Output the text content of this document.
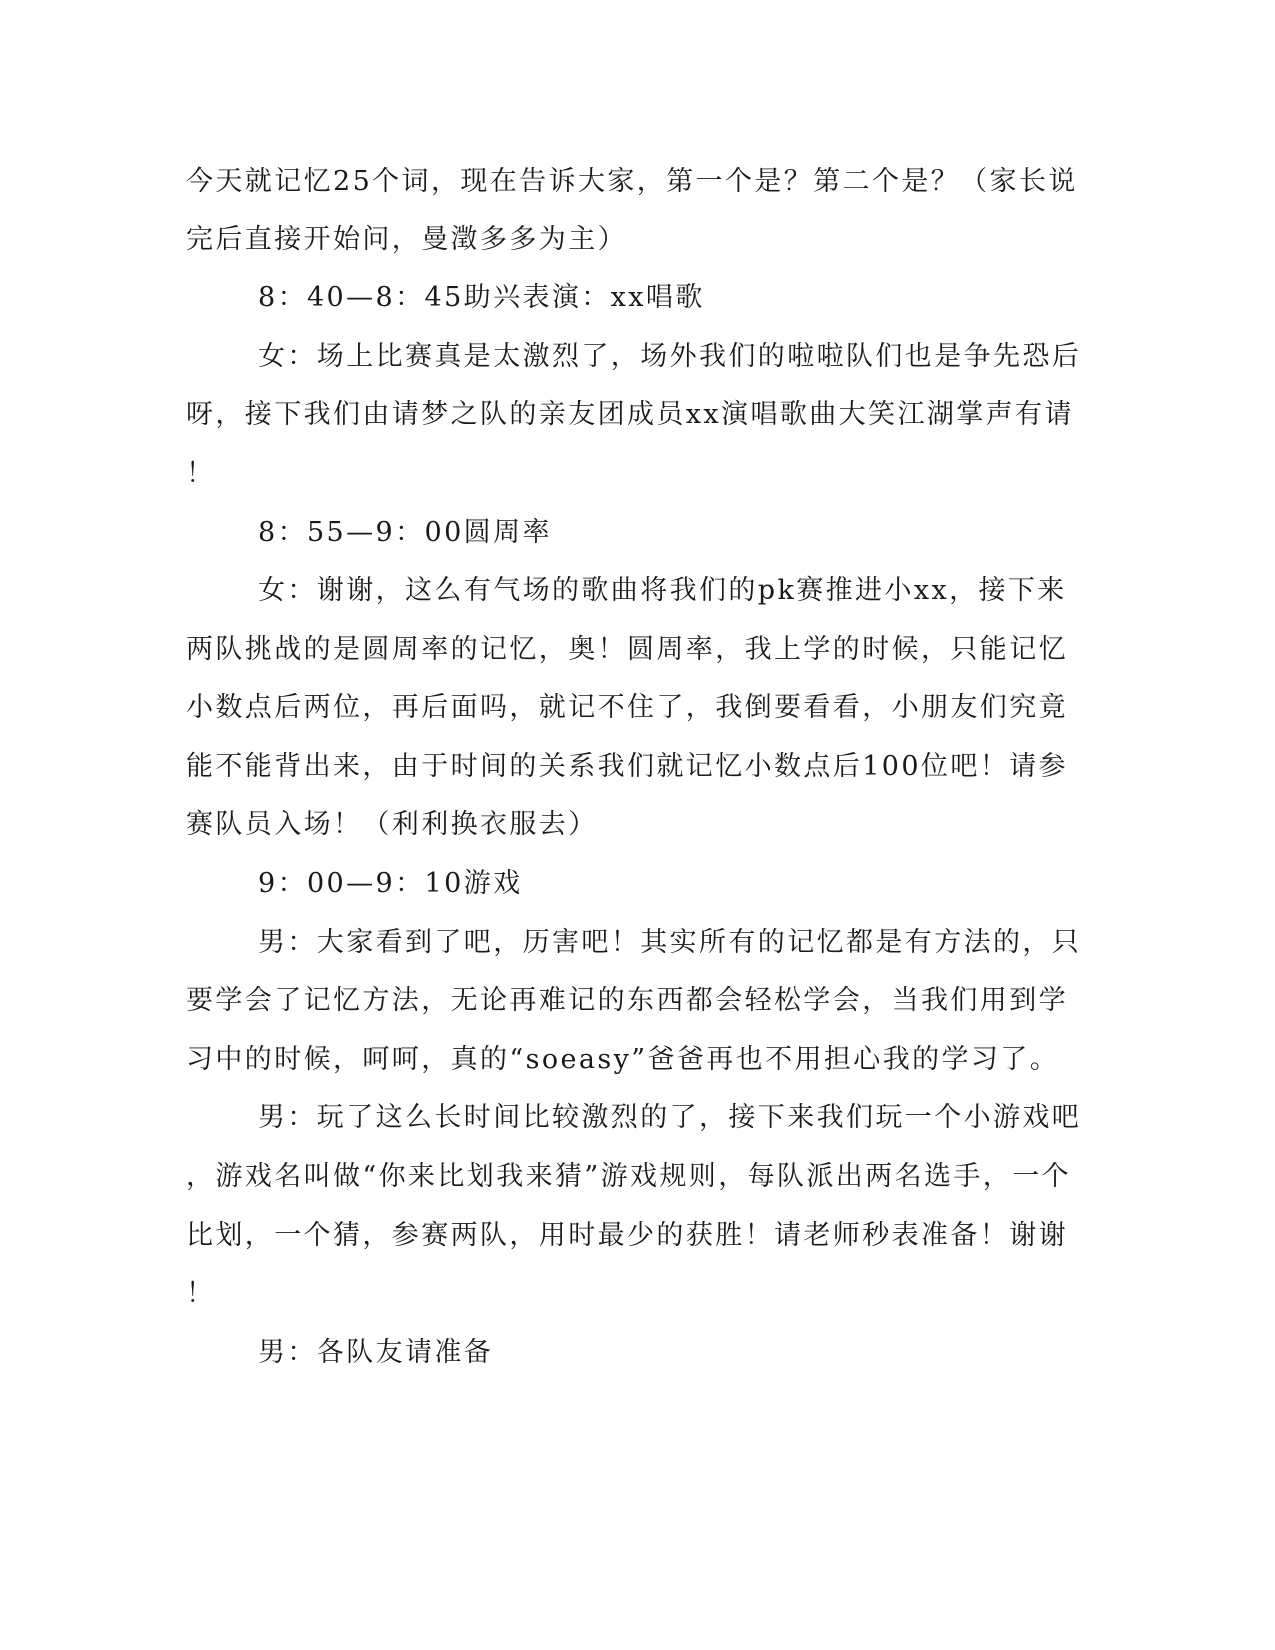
今天就记忆25个词，现在告诉大家，第一个是？第二个是？（家长说
完后直接开始问，曼澂多多为主）
8：40—8：45助兴表演：xx唱歌
女：场上比赛真是太激烈了，场外我们的啦啦队们也是争先恐后
呀，接下我们由请梦之队的亲友团成员xx演唱歌曲大笑江湖掌声有请
！
8：55—9：00圆周率
女：谢谢，这么有气场的歌曲将我们的pk赛推进小xx，接下来
两队挑战的是圆周率的记忆，奥！圆周率，我上学的时候，只能记忆
小数点后两位，再后面吗，就记不住了，我倒要看看，小朋友们究竟
能不能背出来，由于时间的关系我们就记忆小数点后100位吧！请参
赛队员入场！（利利换衣服去）
9：00—9：10游戏
男：大家看到了吧，历害吧！其实所有的记忆都是有方法的，只
要学会了记忆方法，无论再难记的东西都会轻松学会，当我们用到学
习中的时候，呵呵，真的“soeasy”爸爸再也不用担心我的学习了。
男：玩了这么长时间比较激烈的了，接下来我们玩一个小游戏吧
，游戏名叫做“你来比划我来猜”游戏规则，每队派出两名选手，一个
比划，一个猜，参赛两队，用时最少的获胜！请老师秒表准备！谢谢
！
男：各队友请准备
